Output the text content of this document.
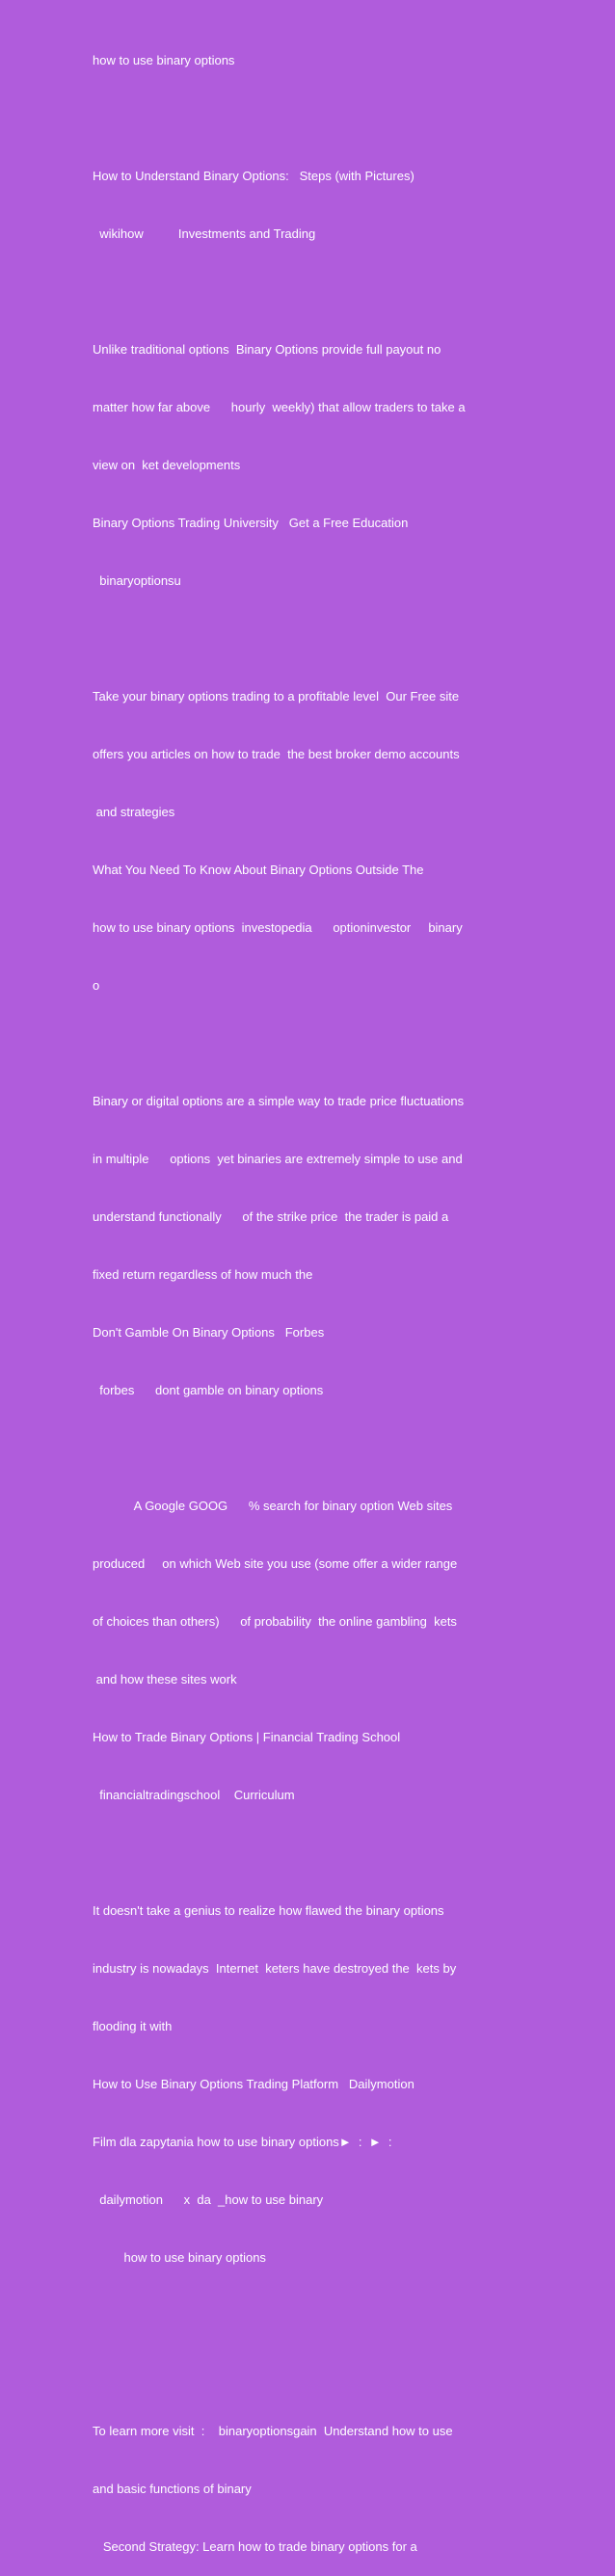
how to use binary options

How to Understand Binary Options:   Steps (with Pictures)

wikihow          Investments and Trading

Unlike traditional options  Binary Options provide full payout no

matter how far above      hourly  weekly) that allow traders to take a

view on  ket developments

Binary Options Trading University   Get a Free Education

binaryoptionsu

Take your binary options trading to a profitable level  Our Free site

offers you articles on how to trade  the best broker demo accounts

and strategies

What You Need To Know About Binary Options Outside The

how to use binary options  investopedia      optioninvestor     binary

o

Binary or digital options are a simple way to trade price fluctuations

in multiple      options  yet binaries are extremely simple to use and

understand functionally      of the strike price  the trader is paid a

fixed return regardless of how much the

Don't Gamble On Binary Options   Forbes

forbes      dont gamble on binary options

A Google GOOG      % search for binary option Web sites

produced     on which Web site you use (some offer a wider range

of choices than others)      of probability  the online gambling  kets

and how these sites work

How to Trade Binary Options | Financial Trading School

financialtradingschool    Curriculum

It doesn't take a genius to realize how flawed the binary options

industry is nowadays  Internet  keters have destroyed the  kets by

flooding it with

How to Use Binary Options Trading Platform   Dailymotion

Film dla zapytania how to use binary options►  :  ►  :

dailymotion      x  da  _how to use binary

how to use binary options

To learn more visit  :    binaryoptionsgain  Understand how to use

and basic functions of binary

Second Strategy: Learn how to trade binary options for a
